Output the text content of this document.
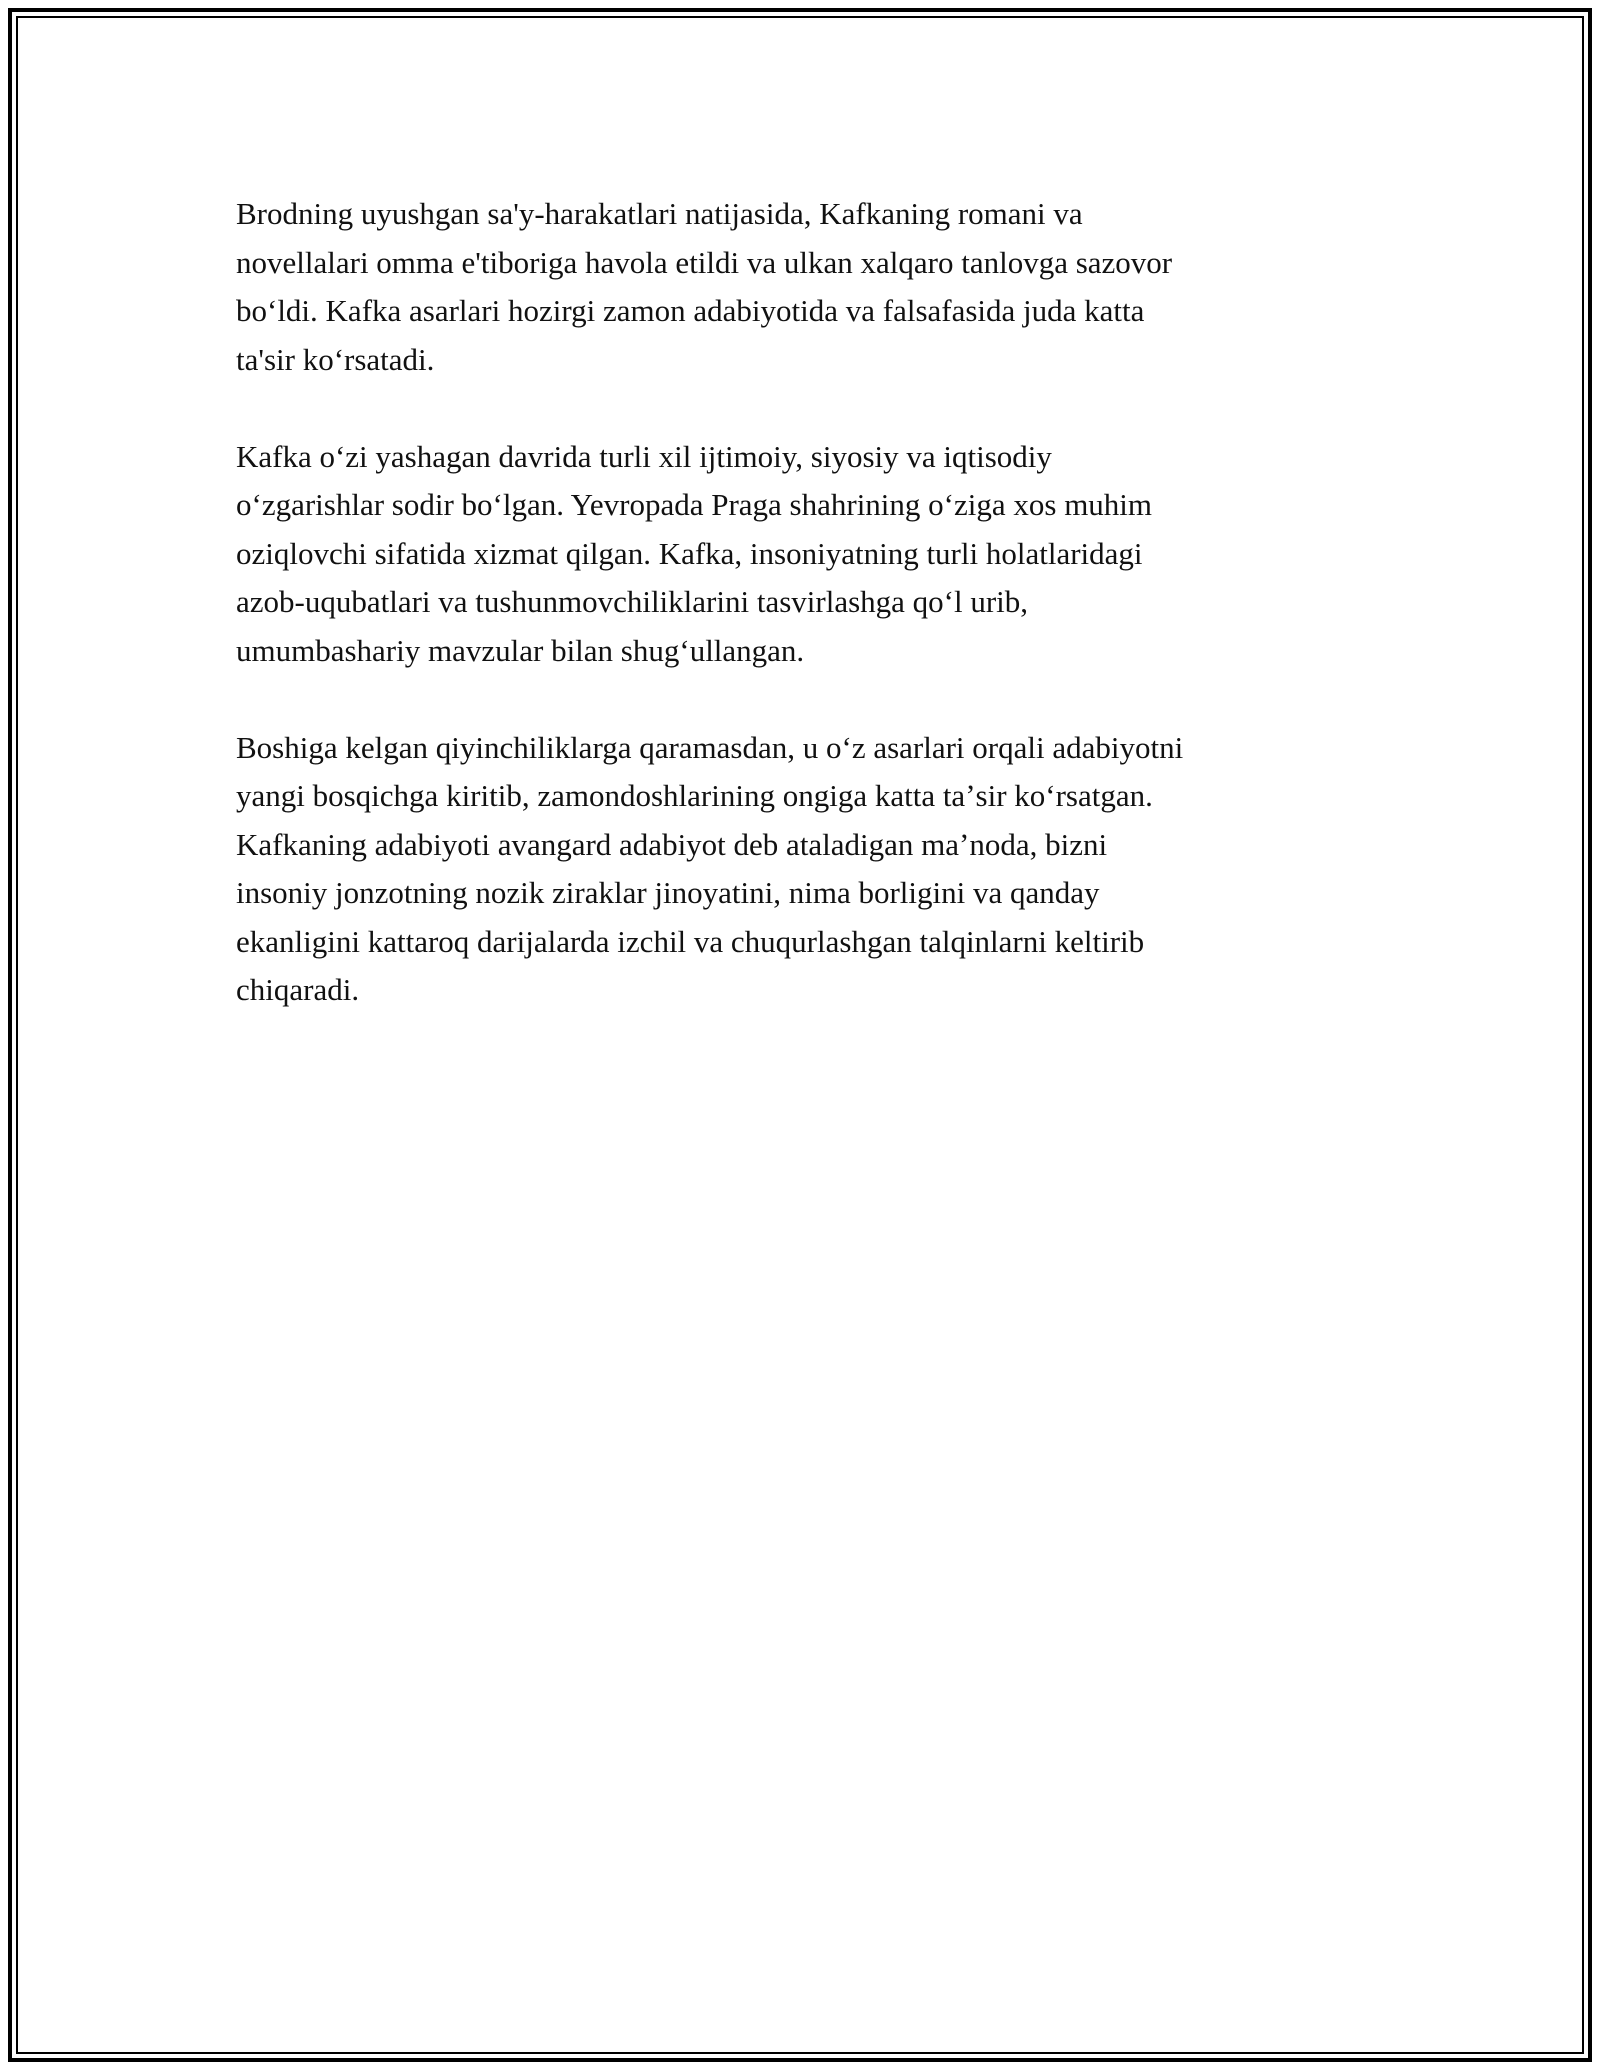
Brodning uyushgan sa'y-harakatlari natijasida, Kafkaning romani va
novellalari omma e'tiboriga havola etildi va ulkan xalqaro tanlovga sazovor
boʻldi. Kafka asarlari hozirgi zamon adabiyotida va falsafasida juda katta
ta'sir koʻrsatadi.

Kafka oʻzi yashagan davrida turli xil ijtimoiy, siyosiy va iqtisodiy
oʻzgarishlar sodir boʻlgan. Yevropada Praga shahrining oʻziga xos muhim
oziqlovchi sifatida xizmat qilgan. Kafka, insoniyatning turli holatlaridagi
azob-uqubatlari va tushunmovchiliklarini tasvirlashga qoʻl urib,
umumbashariy mavzular bilan shugʻullangan.

Boshiga kelgan qiyinchiliklarga qaramasdan, u oʻz asarlari orqali adabiyotni
yangi bosqichga kiritib, zamondoshlarining ongiga katta taʼsir koʻrsatgan.
Kafkaning adabiyoti avangard adabiyot deb ataladigan maʼnoda, bizni
insoniy jonzotning nozik ziraklar jinoyatini, nima borligini va qanday
ekanligini kattaroq darijalarda izchil va chuqurlashgan talqinlarni keltirib
chiqaradi.
